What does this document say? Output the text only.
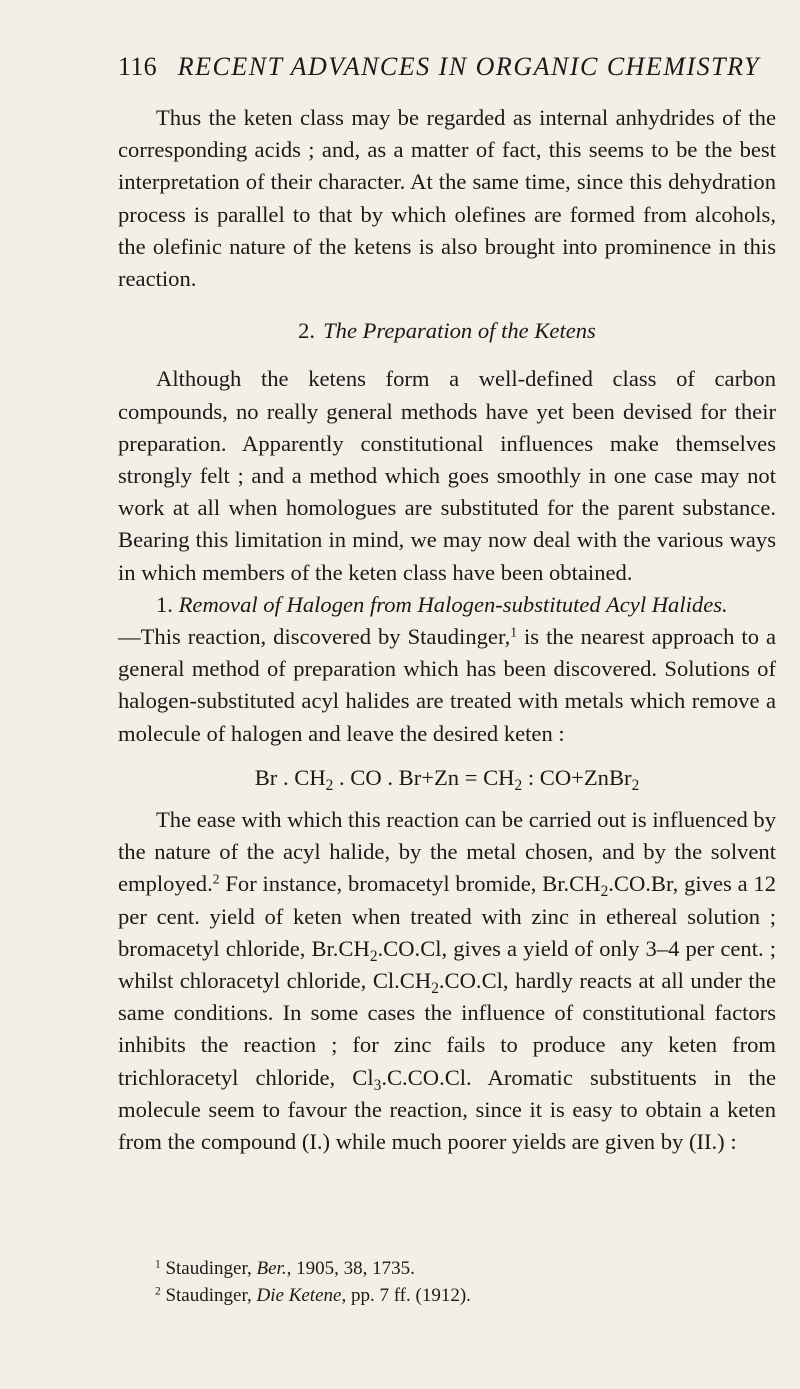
116 RECENT ADVANCES IN ORGANIC CHEMISTRY

Thus the keten class may be regarded as internal anhydrides of the corresponding acids ; and, as a matter of fact, this seems to be the best interpretation of their character. At the same time, since this dehydration process is parallel to that by which olefines are formed from alcohols, the olefinic nature of the ketens is also brought into prominence in this reaction.

2. The Preparation of the Ketens

Although the ketens form a well-defined class of carbon compounds, no really general methods have yet been devised for their preparation. Apparently constitutional influences make themselves strongly felt ; and a method which goes smoothly in one case may not work at all when homologues are substituted for the parent substance. Bearing this limitation in mind, we may now deal with the various ways in which members of the keten class have been obtained.

1. Removal of Halogen from Halogen-substituted Acyl Halides.
—This reaction, discovered by Staudinger,$^1$ is the nearest approach to a general method of preparation which has been discovered. Solutions of halogen-substituted acyl halides are treated with metals which remove a molecule of halogen and leave the desired keten :

Br . $CH_2$ . CO . $Br+Zn = CH_2$ : CO+ZnBr$_2$

The ease with which this reaction can be carried out is influenced by the nature of the acyl halide, by the metal chosen, and by the solvent employed.$^2$ For instance, bromacetyl bromide, $Br.CH_2.CO.Br$, gives a 12 per cent. yield of keten when treated with zinc in ethereal solution ; bromacetyl chloride, $Br.CH_2.CO.Cl$, gives a yield of only 3–4 per cent. ; whilst chloracetyl chloride, $Cl.CH_2.CO.Cl$, hardly reacts at all under the same conditions. In some cases the influence of constitutional factors inhibits the reaction ; for zinc fails to produce any keten from trichloracetyl chloride, $Cl_3.C.CO.Cl$. Aromatic substituents in the molecule seem to favour the reaction, since it is easy to obtain a keten from the compound (I.) while much poorer yields are given by (II.) :

$^1$ Staudinger, Ber., 1905, 38, 1735.

$^2$ Staudinger, Die Ketene, pp. 7 ff. (1912).
